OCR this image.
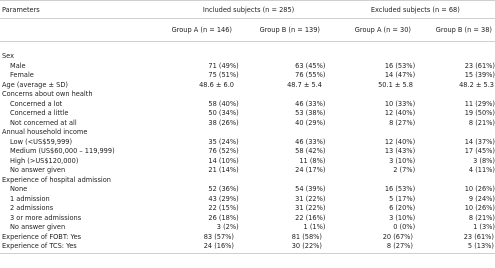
Parameters	Included subjects (n = 285)	Excluded subjects (n = 68)
Group A (n = 146)	Group B (n = 139)	Group A (n = 30)	Group B (n = 38)
Sex
Male	71 (49%)	63 (45%)	16 (53%)	23 (61%)
Female	75 (51%)	76 (55%)	14 (47%)	15 (39%)
Age (average ± SD)	48.6 ± 6.0	48.7 ± 5.4	50.1 ± 5.8	48.2 ± 5.3
Concerns about own health
Concerned a lot	58 (40%)	46 (33%)	10 (33%)	11 (29%)
Concerned a little	50 (34%)	53 (38%)	12 (40%)	19 (50%)
Not concerned at all	38 (26%)	40 (29%)	8 (27%)	8 (21%)
Annual household income
Low (<US$59,999)	35 (24%)	46 (33%)	12 (40%)	14 (37%)
Medium (US$60,000 – 119,999)	76 (52%)	58 (42%)	13 (43%)	17 (45%)
High (>US$120,000)	14 (10%)	11 (8%)	3 (10%)	3 (8%)
No answer given	21 (14%)	24 (17%)	2 (7%)	4 (11%)
Experience of hospital admission
None	52 (36%)	54 (39%)	16 (53%)	10 (26%)
1 admission	43 (29%)	31 (22%)	5 (17%)	9 (24%)
2 admissions	22 (15%)	31 (22%)	6 (20%)	10 (26%)
3 or more admissions	26 (18%)	22 (16%)	3 (10%)	8 (21%)
No answer given	3 (2%)	1 (1%)	0 (0%)	1 (3%)
Experience of FOBT: Yes	83 (57%)	81 (58%)	20 (67%)	23 (61%)
Experience of TCS: Yes	24 (16%)	30 (22%)	8 (27%)	5 (13%)
